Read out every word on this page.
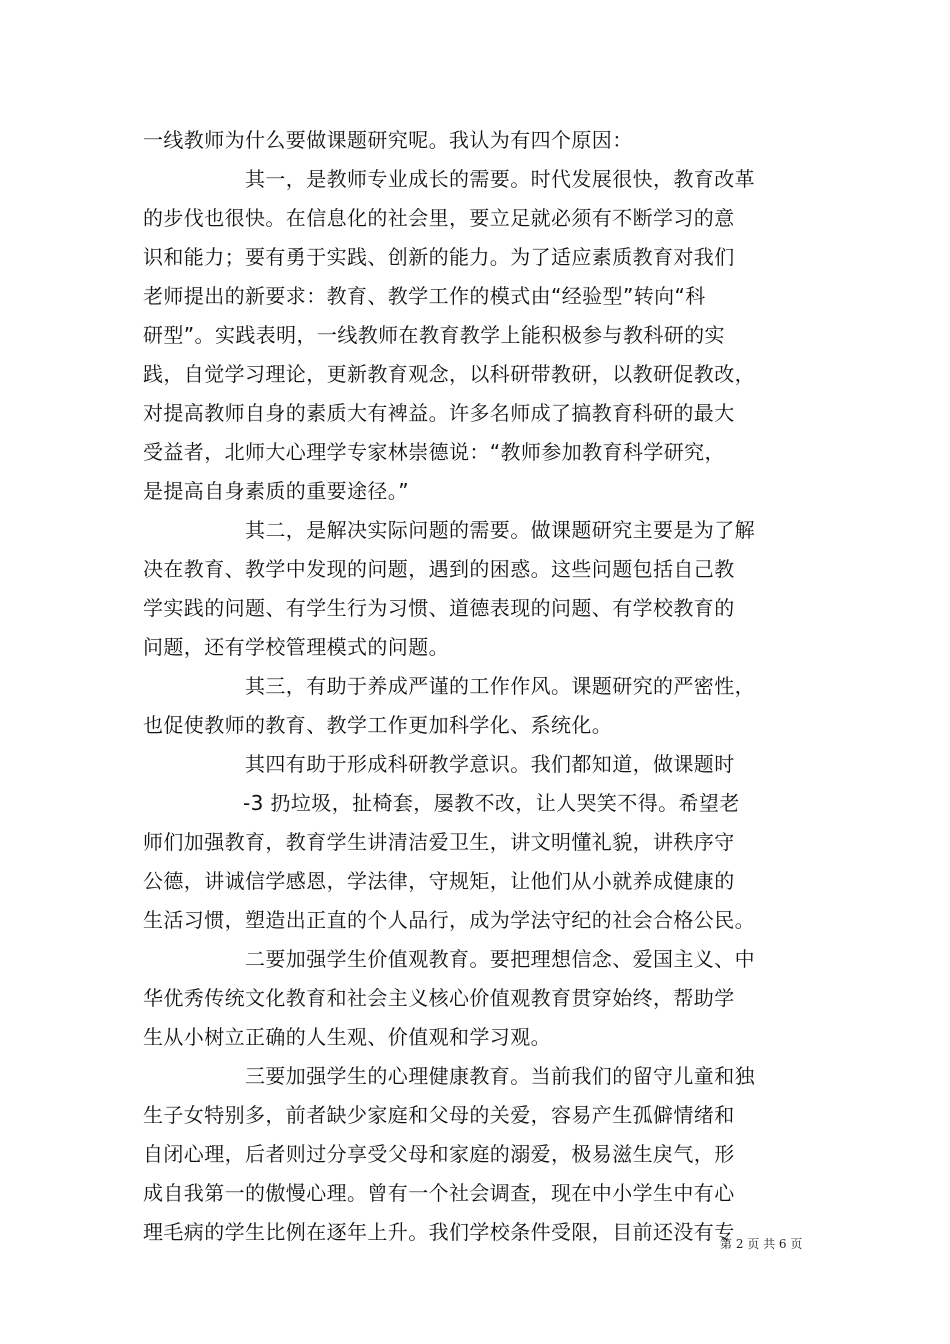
一线教师为什么要做课题研究呢。我认为有四个原因：
其一，是教师专业成长的需要。时代发展很快，教育改革
的步伐也很快。在信息化的社会里，要立足就必须有不断学习的意
识和能力；要有勇于实践、创新的能力。为了适应素质教育对我们
老师提出的新要求：教育、教学工作的模式由“经验型”转向“科
研型”。实践表明，一线教师在教育教学上能积极参与教科研的实
践，自觉学习理论，更新教育观念，以科研带教研，以教研促教改，
对提高教师自身的素质大有裨益。许多名师成了搞教育科研的最大
受益者，北师大心理学专家林崇德说：“教师参加教育科学研究，
是提高自身素质的重要途径。”
其二，是解决实际问题的需要。做课题研究主要是为了解
决在教育、教学中发现的问题，遇到的困惑。这些问题包括自己教
学实践的问题、有学生行为习惯、道德表现的问题、有学校教育的
问题，还有学校管理模式的问题。
其三，有助于养成严谨的工作作风。课题研究的严密性，
也促使教师的教育、教学工作更加科学化、系统化。
其四有助于形成科研教学意识。我们都知道，做课题时
-3 扔垃圾，扯椅套，屡教不改，让人哭笑不得。希望老
师们加强教育，教育学生讲清洁爱卫生，讲文明懂礼貌，讲秩序守
公德，讲诚信学感恩，学法律，守规矩，让他们从小就养成健康的
生活习惯，塑造出正直的个人品行，成为学法守纪的社会合格公民。
二要加强学生价值观教育。要把理想信念、爱国主义、中
华优秀传统文化教育和社会主义核心价值观教育贯穿始终，帮助学
生从小树立正确的人生观、价值观和学习观。
三要加强学生的心理健康教育。当前我们的留守儿童和独
生子女特别多，前者缺少家庭和父母的关爱，容易产生孤僻情绪和
自闭心理，后者则过分享受父母和家庭的溺爱，极易滋生戾气，形
成自我第一的傲慢心理。曾有一个社会调查，现在中小学生中有心
理毛病的学生比例在逐年上升。我们学校条件受限，目前还没有专
第 2 页 共 6 页
